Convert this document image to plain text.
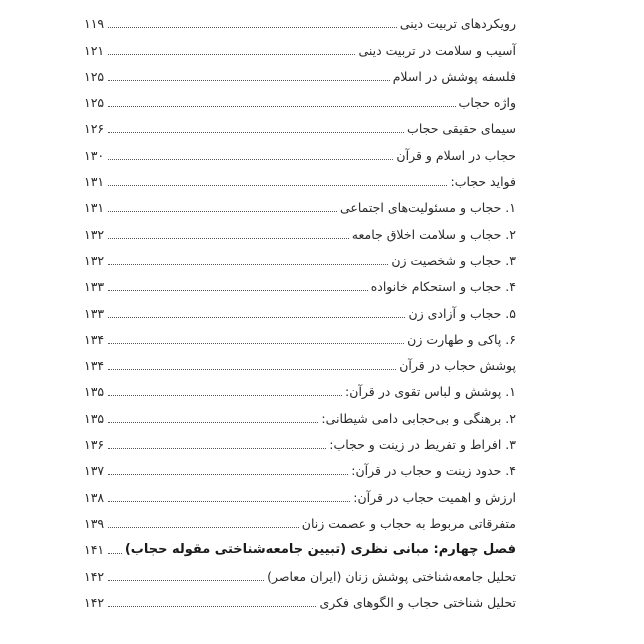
رویکردهای تربیت دینی
۱۱۹
آسیب و سلامت در تربیت دینی
۱۲۱
فلسفه پوشش در اسلام
۱۲۵
واژه حجاب
۱۲۵
سیمای حقیقی حجاب
۱۲۶
حجاب در اسلام و قرآن
۱۳۰
فواید حجاب:
۱۳۱
۱. حجاب و مسئولیت‌های اجتماعی
۱۳۱
۲. حجاب و سلامت اخلاق جامعه
۱۳۲
۳. حجاب و شخصیت زن
۱۳۲
۴. حجاب و استحکام خانواده
۱۳۳
۵. حجاب و آزادی زن
۱۳۳
۶. پاکی و طهارت زن
۱۳۴
پوشش حجاب در قرآن
۱۳۴
۱. پوشش و لباس تقوی در قرآن:
۱۳۵
۲. برهنگی و بی‌حجابی دامی شیطانی:
۱۳۵
۳. افراط و تفریط در زینت و حجاب:
۱۳۶
۴. حدود زینت و حجاب در قرآن:
۱۳۷
ارزش و اهمیت حجاب در قرآن:
۱۳۸
متفرقاتی مربوط به حجاب و عصمت زنان
۱۳۹
فصل چهارم: مبانی نظری (تبیین جامعه‌شناختی مقوله حجاب)
۱۴۱
تحلیل جامعه‌شناختی پوشش زنان (ایران معاصر)
۱۴۲
تحلیل شناختی حجاب و الگوهای فکری
۱۴۲
